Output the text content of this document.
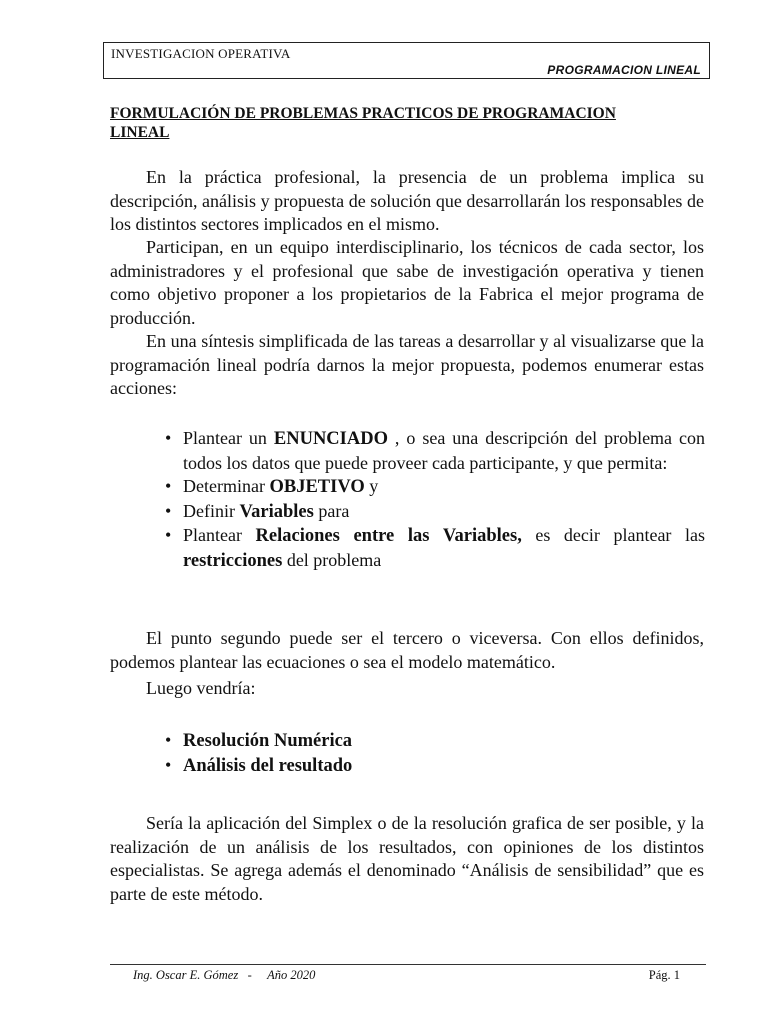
INVESTIGACION OPERATIVA
PROGRAMACION LINEAL
FORMULACIÓN DE PROBLEMAS PRACTICOS DE PROGRAMACION LINEAL

En la práctica profesional, la presencia de un problema implica su descripción, análisis y propuesta de solución que desarrollarán los responsables de los distintos sectores implicados en el mismo.

Participan, en un equipo interdisciplinario, los técnicos de cada sector, los administradores y el profesional que sabe de investigación operativa y tienen como objetivo proponer a los propietarios de la Fabrica el mejor programa de producción.

En una síntesis simplificada de las tareas a desarrollar y al visualizarse que la programación lineal podría darnos la mejor propuesta, podemos enumerar estas acciones:

• Plantear un ENUNCIADO , o sea una descripción del problema con todos los datos que puede proveer cada participante, y que permita:
• Determinar OBJETIVO y
• Definir Variables para
• Plantear Relaciones entre las Variables, es decir plantear las restricciones del problema

El punto segundo puede ser el tercero o viceversa. Con ellos definidos, podemos plantear las ecuaciones o sea el modelo matemático.

Luego vendría:
• Resolución Numérica
• Análisis del resultado

Sería la aplicación del Simplex o de la resolución grafica de ser posible, y la realización de un análisis de los resultados, con opiniones de los distintos especialistas. Se agrega además el denominado “Análisis de sensibilidad” que es parte de este método.

Ing. Oscar E. Gómez   -     Año 2020	Pág. 1
